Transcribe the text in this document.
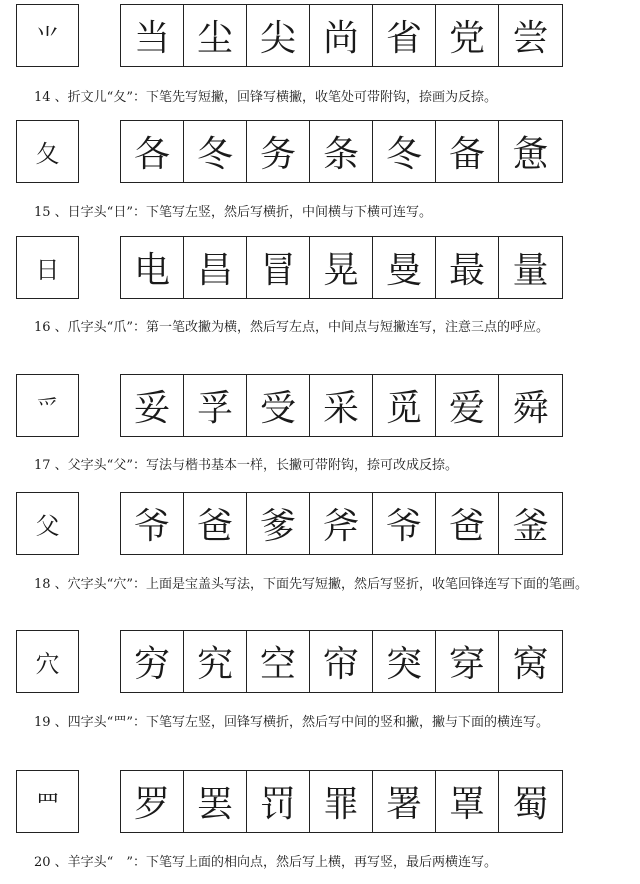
⺌	当 尘 尖 尚 省 党 尝
夂	各 冬 务 条 冬 备 惫
日	电 昌 冒 晃 曼 最 量
爫	妥 孚 受 采 觅 爱 舜
父	爷 爸 爹 斧 爷 爸 釜
穴	穷 究 空 帘 突 穿 窝
罒	罗 罢 罚 罪 署 罩 蜀
14 、折文儿“夂”：下笔先写短撇，回锋写横撇，收笔处可带附钩，捺画为反捺。
15 、日字头“日”：下笔写左竖，然后写横折，中间横与下横可连写。
16 、爪字头“爪”：第一笔改撇为横，然后写左点，中间点与短撇连写，注意三点的呼应。
17 、父字头“父”：写法与楷书基本一样，长撇可带附钩，捺可改成反捺。
18 、穴字头“穴”：上面是宝盖头写法，下面先写短撇，然后写竖折，收笔回锋连写下面的笔画。
19 、四字头“罒”：下笔写左竖，回锋写横折，然后写中间的竖和撇，撇与下面的横连写。
20 、羊字头“　”：下笔写上面的相向点，然后写上横，再写竖，最后两横连写。
